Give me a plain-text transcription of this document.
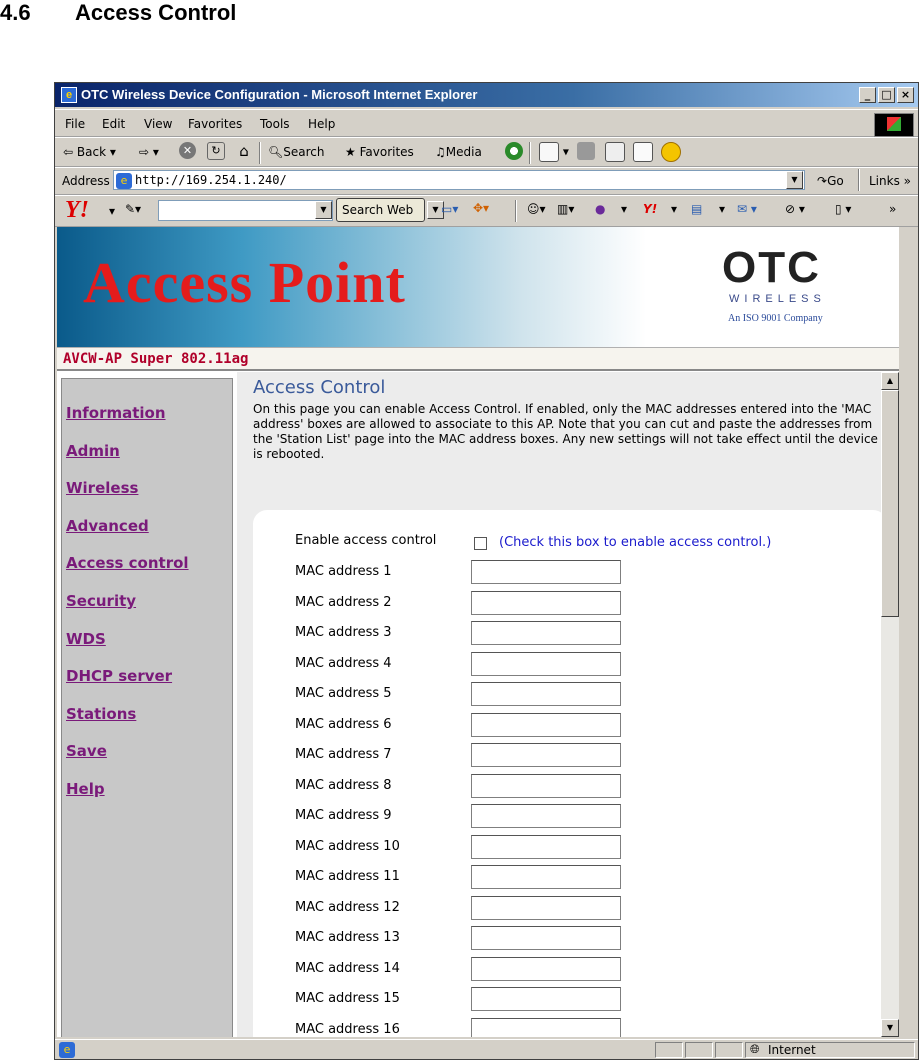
4.6 Access Control
e OTC Wireless Device Configuration - Microsoft Internet Explorer	_	□ ×
File Edit View Favorites Tools Help
⇦ Back ▾ ⇨ ▾	✕	↻ ⌂	🔍︎Search ★ Favorites ♫Media	▾
Address e http://169.254.1.240/	▼	↷Go Links »
Y! ▾ ✎▾	▼	Search Web	▼ ▭▾ ✥▾	☺▾ ▥▾ ● ▾ Y! ▾ ▤ ▾ ✉ ▾ ⊘ ▾	▯ ▾	»
Access Point	OTC
WIRELESS
An ISO 9001 Company
AVCW-AP Super 802.11ag
Information
Admin
Wireless
Advanced
Access control
Security
WDS
DHCP server
Stations
Save
Help
Access Control
On this page you can enable Access Control. If enabled, only the MAC addresses entered into the 'MAC address' boxes are allowed to associate to this AP. Note that you can cut and paste the addresses from the 'Station List' page into the MAC address boxes. Any new settings will not take effect until the device is rebooted.
Enable access control	(Check this box to enable access control.)
MAC address 1
MAC address 2
MAC address 3
MAC address 4
MAC address 5
MAC address 6
MAC address 7
MAC address 8
MAC address 9
MAC address 10
MAC address 11
MAC address 12
MAC address 13
MAC address 14
MAC address 15
MAC address 16
▲
▼
e	🌐︎ Internet
